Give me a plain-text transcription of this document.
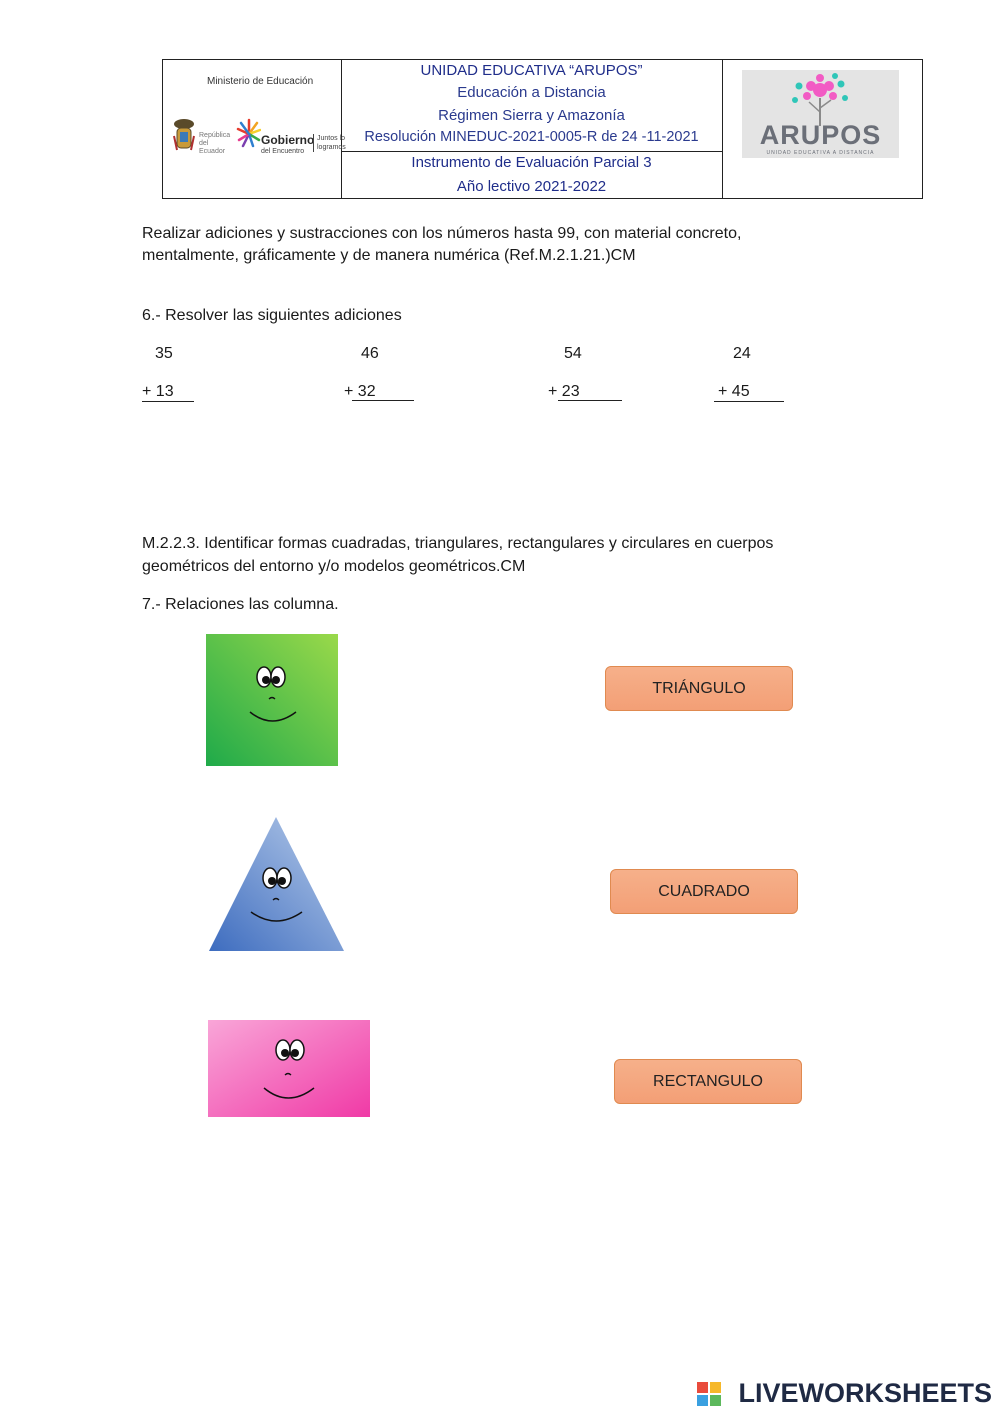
Ministerio de Educación
República del Ecuador
Gobierno
del Encuentro
Juntos lo logramos
UNIDAD EDUCATIVA “ARUPOS”
Educación a Distancia
Régimen Sierra y Amazonía
Resolución MINEDUC-2021-0005-R de 24 -11-2021
Instrumento de Evaluación Parcial 3
Año lectivo 2021-2022
ARUPOS
UNIDAD EDUCATIVA A DISTANCIA
Realizar adiciones y sustracciones con los números hasta 99, con material concreto,
mentalmente, gráficamente y de manera numérica (Ref.M.2.1.21.)CM
6.- Resolver las siguientes adiciones
35
+ 13
46
+ 32
54
+ 23
24
+ 45
M.2.2.3. Identificar formas cuadradas, triangulares, rectangulares y circulares en cuerpos
geométricos del entorno y/o modelos geométricos.CM
7.- Relaciones las columna.
TRIÁNGULO
CUADRADO
RECTANGULO
LIVEWORKSHEETS
